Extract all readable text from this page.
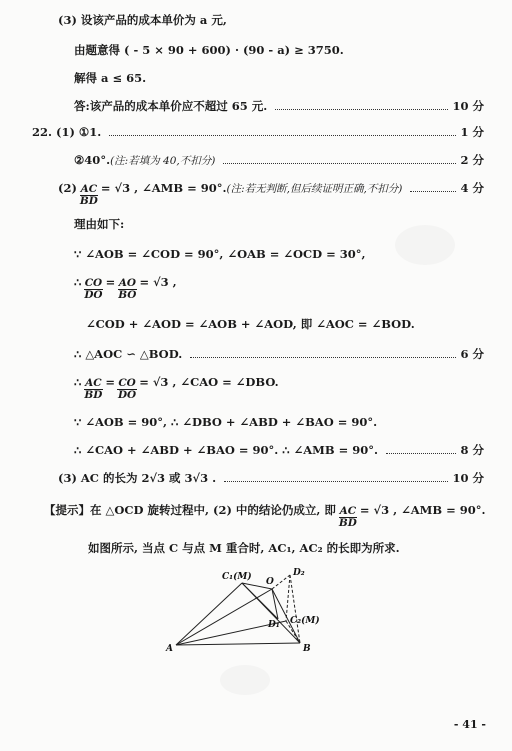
(3) 设该产品的成本单价为 a 元,
由题意得 ( - 5 × 90 + 600) · (90 - a) ≥ 3750.
解得 a ≤ 65.
答:该产品的成本单价应不超过 65 元.	10 分
22. (1) ①1.	1 分
②40°. (注:若填为 40,不扣分)	2 分
$(2) \frac{AC}{BD} = √3$ , ∠AMB = 90°. (注:若无判断,但后续证明正确,不扣分)	4 分
理由如下:
∵ ∠AOB = ∠COD = 90°, ∠OAB = ∠OCD = 30°,
∴ $\frac{CO}{DO} = \frac{AO}{BO} = √3$ ,
∠COD + ∠AOD = ∠AOB + ∠AOD, 即 ∠AOC = ∠BOD.
∴ △AOC ∽ △BOD.	6 分
∴ $\frac{AC}{BD} = \frac{CO}{DO} = √3$ , ∠CAO = ∠DBO.
∵ ∠AOB = 90°, ∴ ∠DBO + ∠ABD + ∠BAO = 90°.
∴ ∠CAO + ∠ABD + ∠BAO = 90°. ∴ ∠AMB = 90°.	8 分
(3) AC 的长为 2√3 或 3√3 .	10 分
【提示】在 △OCD 旋转过程中, (2) 中的结论仍成立, 即 $\frac{AC}{BD} = √3$ , ∠AMB = 90°.
如图所示, 当点 C 与点 M 重合时, AC₁, AC₂ 的长即为所求.
C₁(M) O
D₂
C₂(M)
D₁
A	B
- 41 -
